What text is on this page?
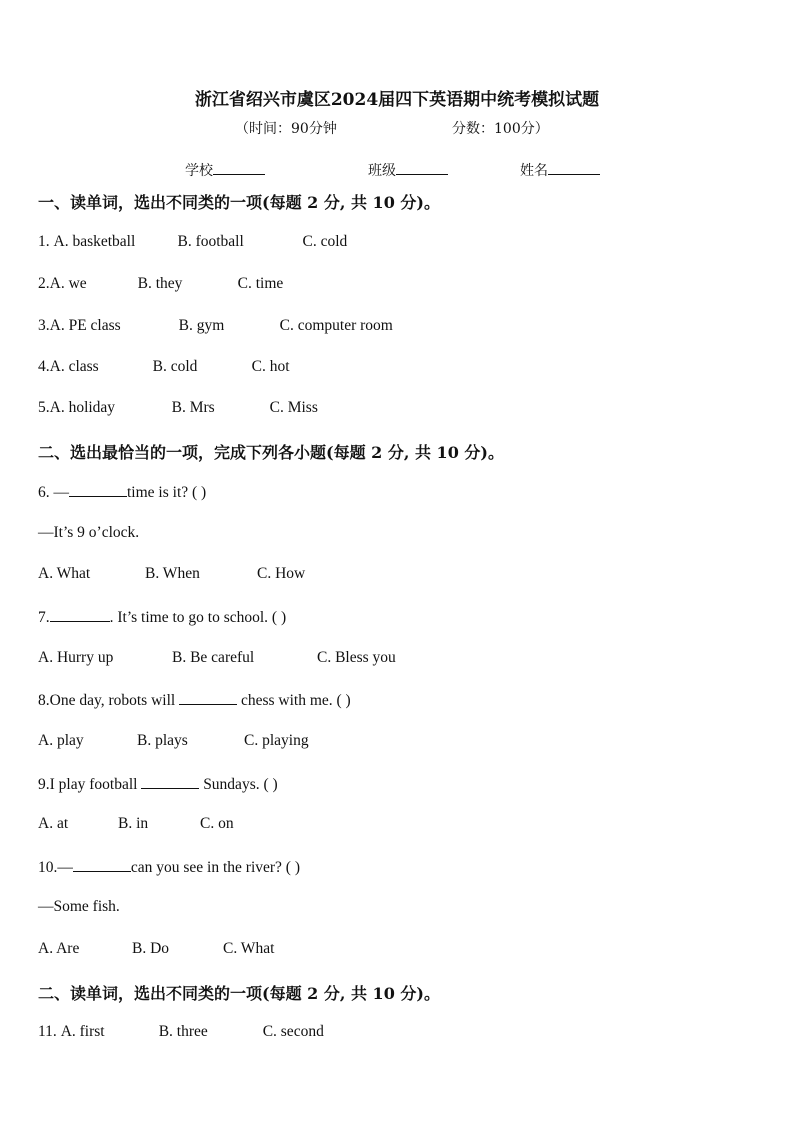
浙江省绍兴市虞区2024届四下英语期中统考模拟试题
（时间：90分钟	分数：100分）
学校	班级	姓名
一、读单词，选出不同类的一项(每题 2 分, 共 10 分)。
1. A. basketball	B. football	C. cold
2.A. we	B. they	C. time
3.A. PE class	B. gym	C. computer room
4.A. class	B. cold	C. hot
5.A. holiday	B. Mrs	C. Miss
二、选出最恰当的一项，完成下列各小题(每题 2 分, 共 10 分)。
6. —	time is it? ( )
—It’s 9 o’clock.
A. What	B. When	C. How
7.	. It’s time to go to school. ( )
A. Hurry up	B. Be careful	C. Bless you
8.One day, robots will	chess with me. ( )
A. play	B. plays	C. playing
9.I play football	Sundays. ( )
A. at	B. in	C. on
10.—	can you see in the river? ( )
—Some fish.
A. Are	B. Do	C. What
二、读单词，选出不同类的一项(每题 2 分, 共 10 分)。
11. A. first	B. three	C. second
